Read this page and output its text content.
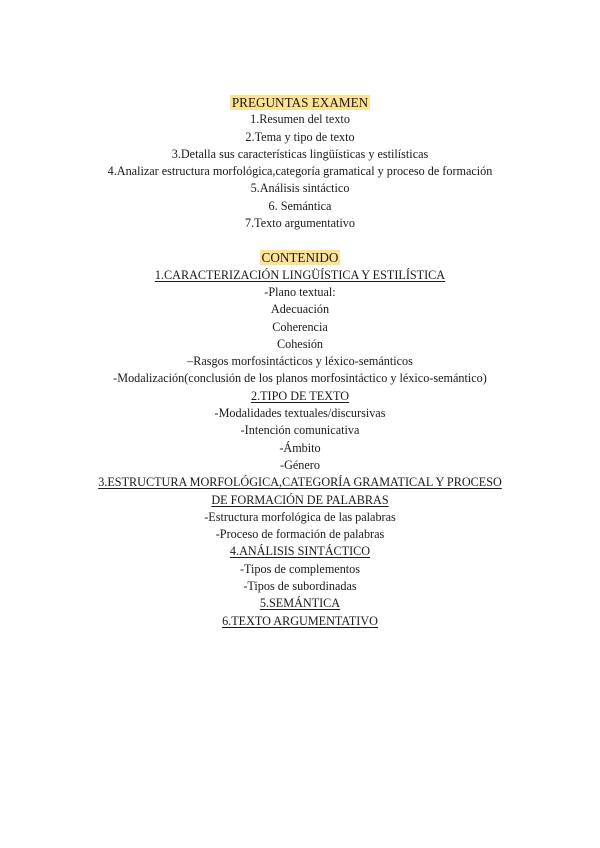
PREGUNTAS EXAMEN

1.Resumen del texto

2.Tema y tipo de texto

3.Detalla sus características lingüísticas y estilísticas

4.Analizar estructura morfológica,categoría gramatical y proceso de formación

5.Análisis sintáctico

6. Semántica

7.Texto argumentativo

CONTENIDO

1.CARACTERIZACIÓN LINGÜÍSTICA Y ESTILÍSTICA

-Plano textual:

Adecuación

Coherencia

Cohesión

–Rasgos morfosintácticos y léxico-semánticos

-Modalización(conclusión de los planos morfosintáctico y léxico-semántico)

2.TIPO DE TEXTO

-Modalidades textuales/discursivas

-Intención comunicativa

-Ámbito

-Género

3.ESTRUCTURA MORFOLÓGICA,CATEGORÍA GRAMATICAL Y PROCESO

DE FORMACIÓN DE PALABRAS

-Estructura morfológica de las palabras

-Proceso de formación de palabras

4.ANÁLISIS SINTÁCTICO

-Tipos de complementos

-Tipos de subordinadas

5.SEMÁNTICA

6.TEXTO ARGUMENTATIVO
